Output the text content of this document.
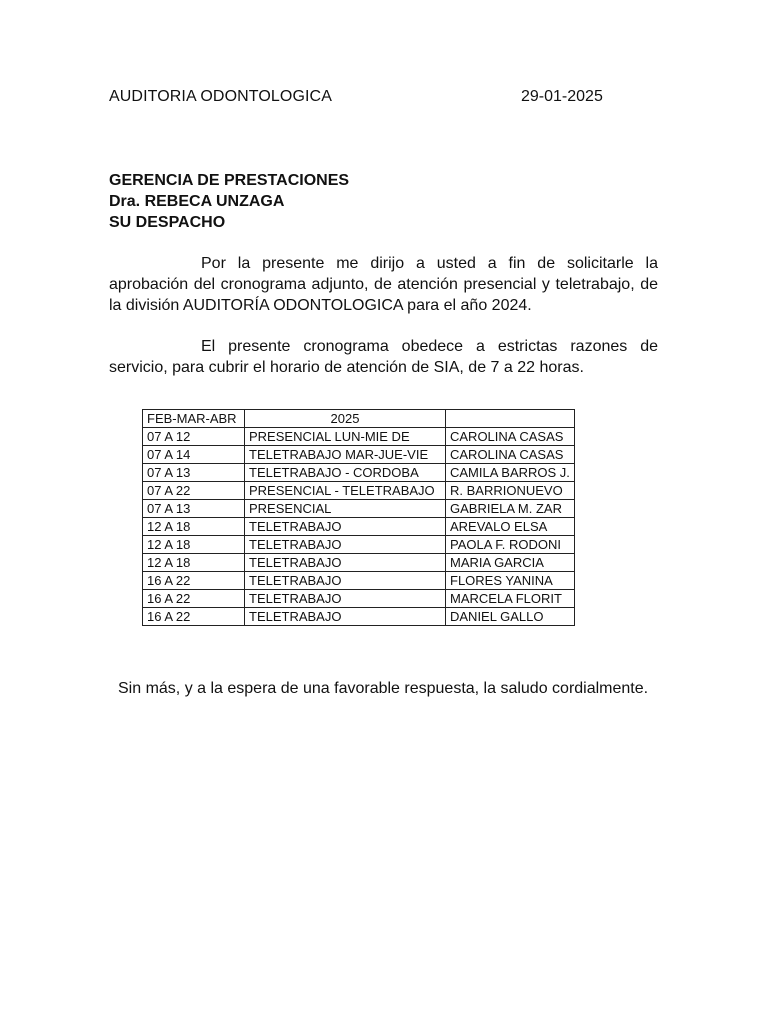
AUDITORIA ODONTOLOGICA	29-01-2025
GERENCIA DE PRESTACIONES
Dra. REBECA UNZAGA
SU DESPACHO
Por la presente me dirijo a usted a fin de solicitarle la aprobación del cronograma adjunto, de atención presencial y teletrabajo, de la división AUDITORÍA ODONTOLOGICA para el año 2024.
El presente cronograma obedece a estrictas razones de servicio, para cubrir el horario de atención de SIA, de 7 a 22 horas.
FEB-MAR-ABR	2025	
07 A 12	PRESENCIAL LUN-MIE DE	CAROLINA CASAS
07 A 14	TELETRABAJO MAR-JUE-VIE	CAROLINA CASAS
07 A 13	TELETRABAJO - CORDOBA	CAMILA BARROS J.
07 A 22	PRESENCIAL - TELETRABAJO	R. BARRIONUEVO
07 A 13	PRESENCIAL	GABRIELA M. ZAR
12 A 18	TELETRABAJO	AREVALO ELSA
12 A 18	TELETRABAJO	PAOLA F. RODONI
12 A 18	TELETRABAJO	MARIA GARCIA
16 A 22	TELETRABAJO	FLORES YANINA
16 A 22	TELETRABAJO	MARCELA FLORIT
16 A 22	TELETRABAJO	DANIEL GALLO
Sin más, y a la espera de una favorable respuesta, la saludo cordialmente.
